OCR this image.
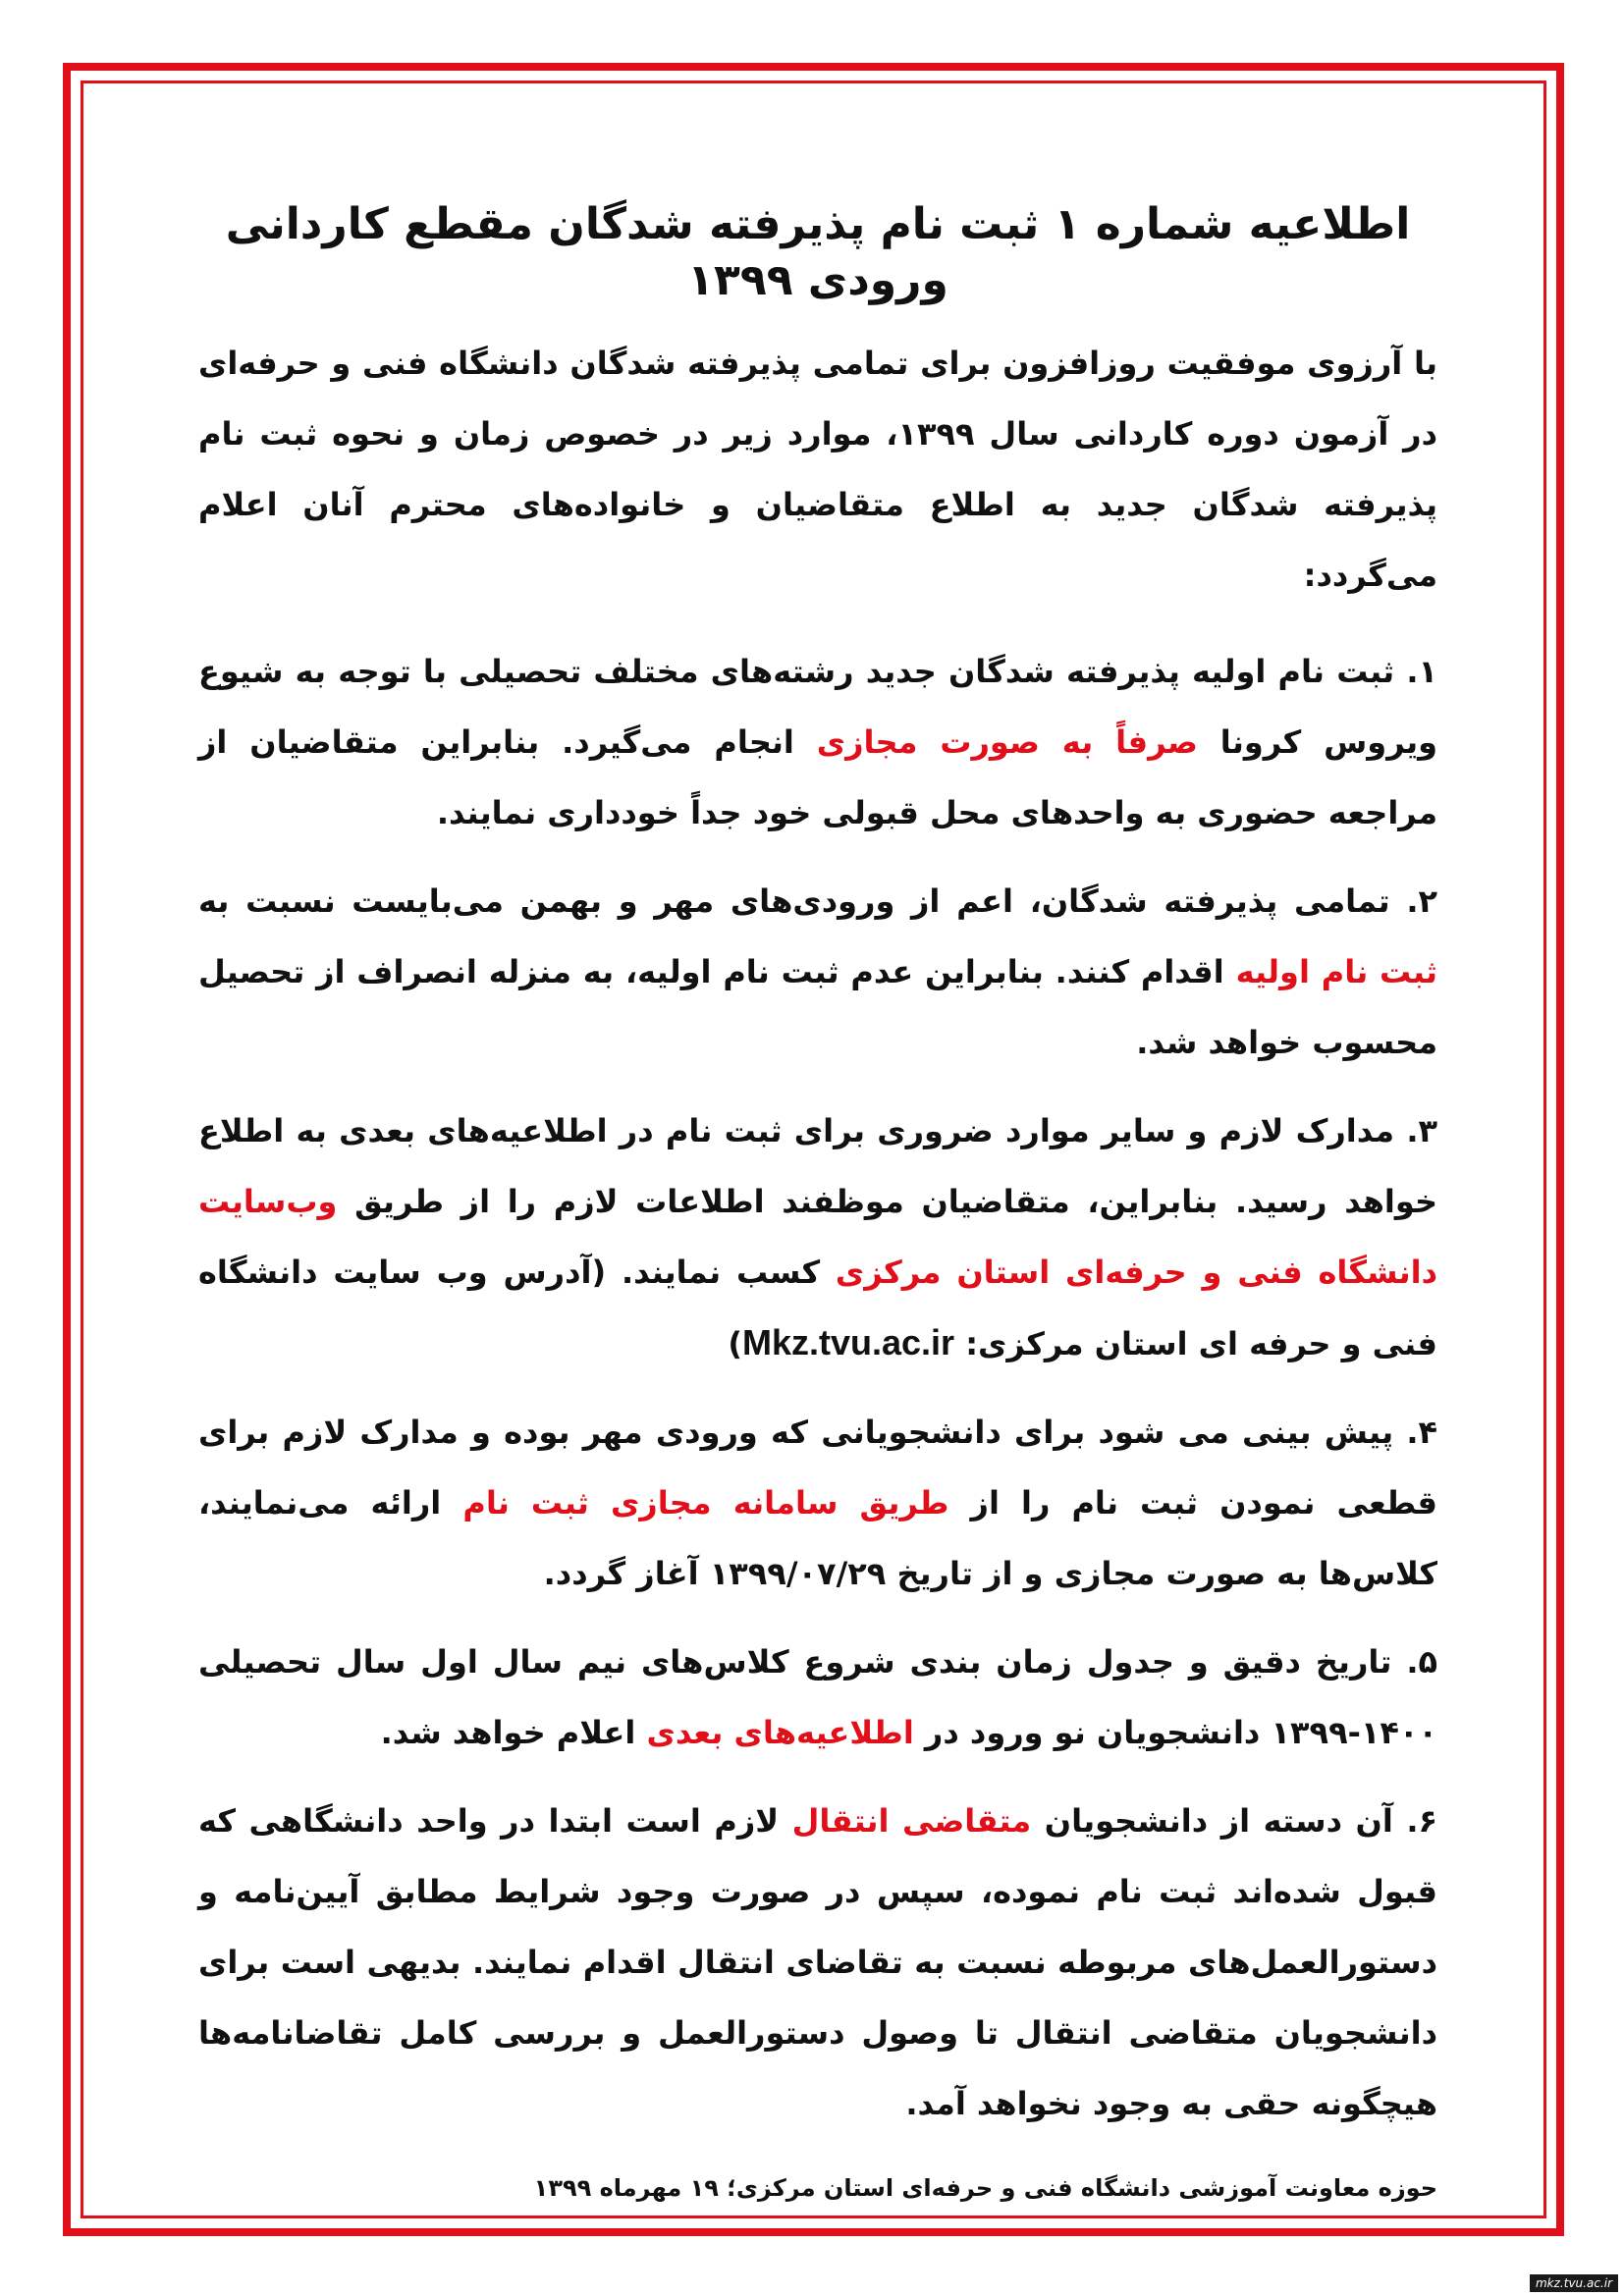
اطلاعیه شماره ۱ ثبت نام پذیرفته شدگان مقطع کاردانی ورودی ۱۳۹۹

با آرزوی موفقیت روزافزون برای تمامی پذیرفته شدگان دانشگاه فنی و حرفه‌ای در آزمون دوره کاردانی سال ۱۳۹۹، موارد زیر در خصوص زمان و نحوه ثبت نام پذیرفته شدگان جدید به اطلاع متقاضیان و خانواده‌های محترم آنان اعلام می‌گردد:

۱. ثبت نام اولیه پذیرفته شدگان جدید رشته‌های مختلف تحصیلی با توجه به شیوع ویروس کرونا صرفاً به صورت مجازی انجام می‌گیرد. بنابراین متقاضیان از مراجعه حضوری به واحدهای محل قبولی خود جداً خودداری نمایند.

۲. تمامی پذیرفته شدگان، اعم از ورودی‌های مهر و بهمن می‌بایست نسبت به ثبت نام اولیه اقدام کنند. بنابراین عدم ثبت نام اولیه، به منزله انصراف از تحصیل محسوب خواهد شد.

۳. مدارک لازم و سایر موارد ضروری برای ثبت نام در اطلاعیه‌های بعدی به اطلاع خواهد رسید. بنابراین، متقاضیان موظفند اطلاعات لازم را از طریق وب‌سایت دانشگاه فنی و حرفه‌ای استان مرکزی کسب نمایند. (آدرس وب سایت دانشگاه فنی و حرفه ای استان مرکزی: Mkz.tvu.ac.ir)

۴. پیش بینی می شود برای دانشجویانی که ورودی مهر بوده و مدارک لازم برای قطعی نمودن ثبت نام را از طریق سامانه مجازی ثبت نام ارائه می‌نمایند، کلاس‌ها به صورت مجازی و از تاریخ ۱۳۹۹/۰۷/۲۹ آغاز گردد.

۵. تاریخ دقیق و جدول زمان بندی شروع کلاس‌های نیم سال اول سال تحصیلی ۱۴۰۰-۱۳۹۹ دانشجویان نو ورود در اطلاعیه‌های بعدی اعلام خواهد شد.

۶. آن دسته از دانشجویان متقاضی انتقال لازم است ابتدا در واحد دانشگاهی که قبول شده‌اند ثبت نام نموده، سپس در صورت وجود شرایط مطابق آیین‌نامه و دستورالعمل‌های مربوطه نسبت به تقاضای انتقال اقدام نمایند. بدیهی است برای دانشجویان متقاضی انتقال تا وصول دستورالعمل و بررسی کامل تقاضانامه‌ها هیچگونه حقی به وجود نخواهد آمد.

حوزه معاونت آموزشی دانشگاه فنی و حرفه‌ای استان مرکزی؛ ۱۹ مهرماه ۱۳۹۹

mkz.tvu.ac.ir
